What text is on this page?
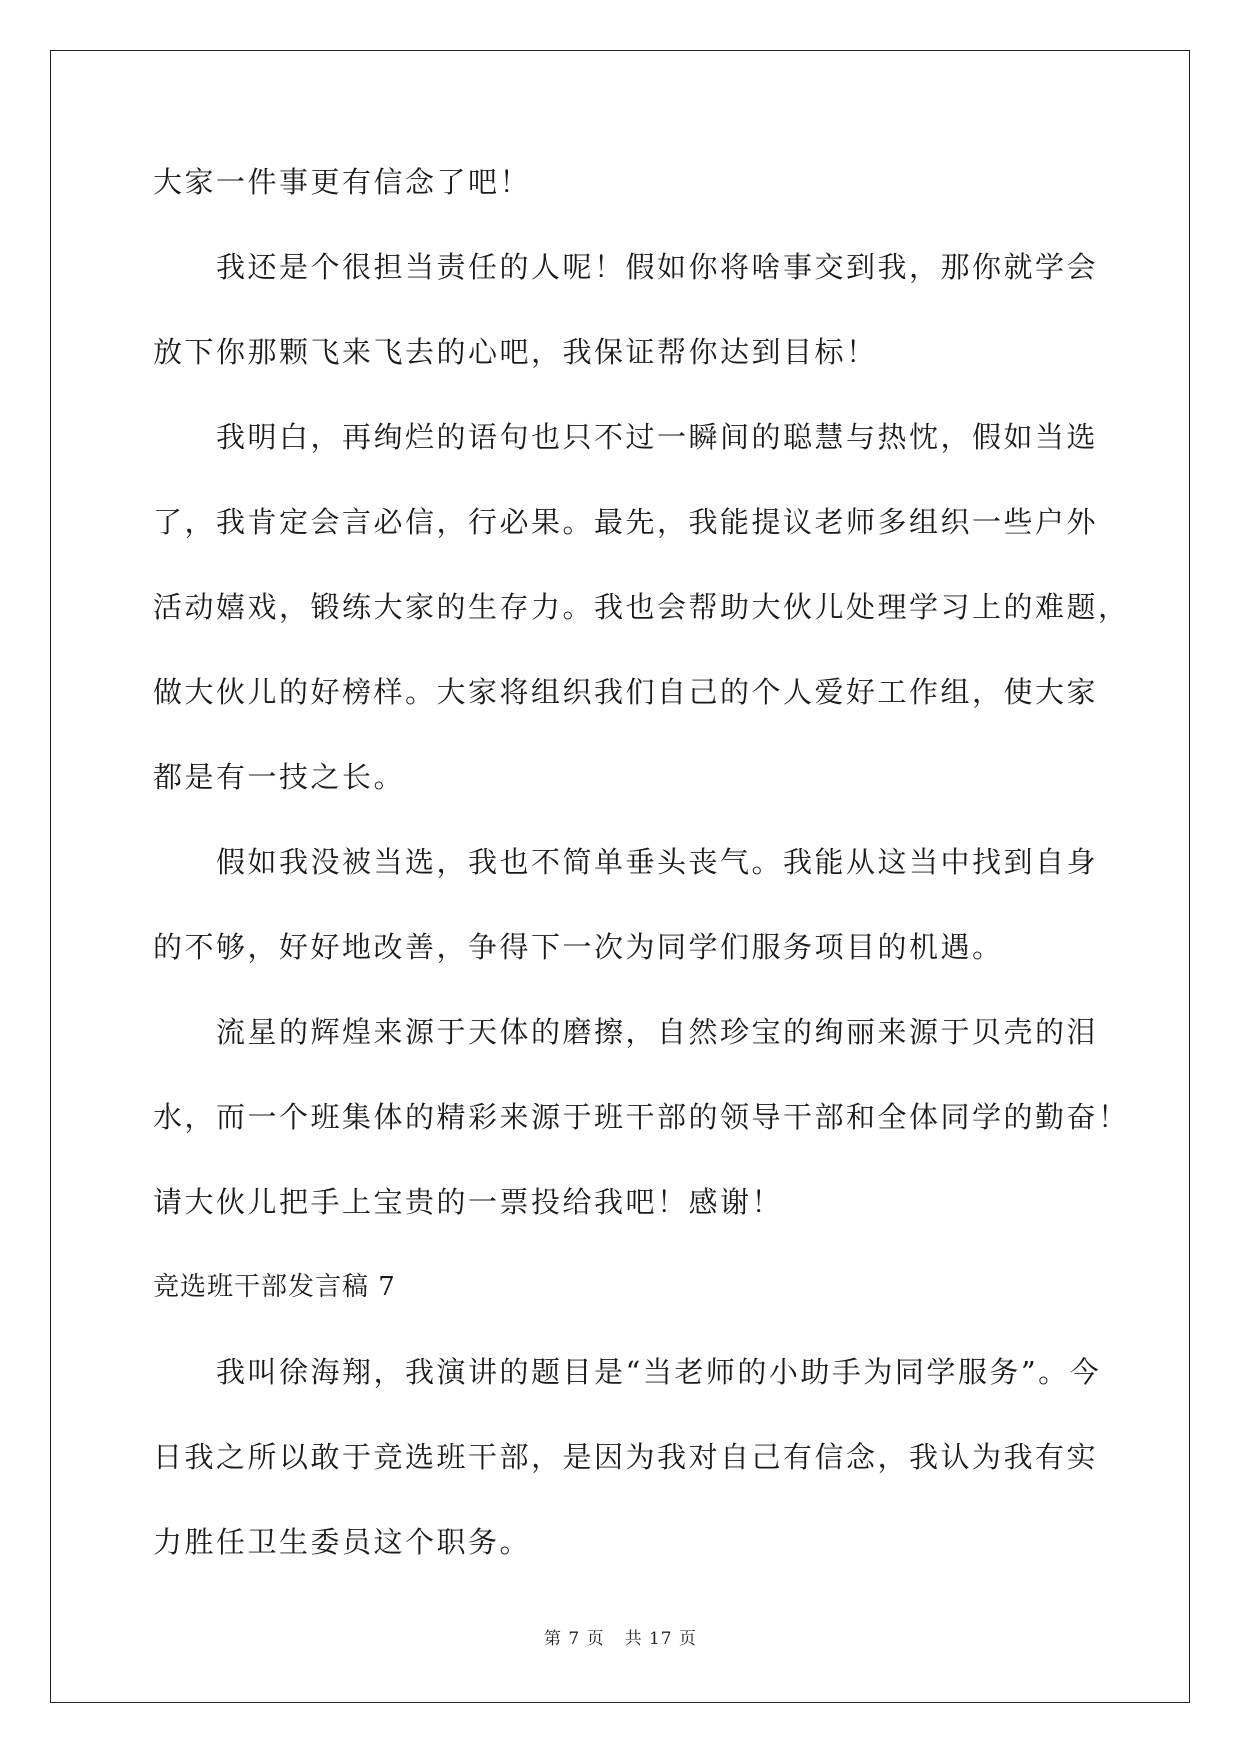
大家一件事更有信念了吧！
我还是个很担当责任的人呢！假如你将啥事交到我，那你就学会
放下你那颗飞来飞去的心吧，我保证帮你达到目标！
我明白，再绚烂的语句也只不过一瞬间的聪慧与热忱，假如当选
了，我肯定会言必信，行必果。最先，我能提议老师多组织一些户外
活动嬉戏，锻练大家的生存力。我也会帮助大伙儿处理学习上的难题，
做大伙儿的好榜样。大家将组织我们自己的个人爱好工作组，使大家
都是有一技之长。
假如我没被当选，我也不简单垂头丧气。我能从这当中找到自身
的不够，好好地改善，争得下一次为同学们服务项目的机遇。
流星的辉煌来源于天体的磨擦，自然珍宝的绚丽来源于贝壳的泪
水，而一个班集体的精彩来源于班干部的领导干部和全体同学的勤奋！
请大伙儿把手上宝贵的一票投给我吧！感谢！
竞选班干部发言稿 7
我叫徐海翔，我演讲的题目是“当老师的小助手为同学服务”。今
日我之所以敢于竞选班干部，是因为我对自己有信念，我认为我有实
力胜任卫生委员这个职务。
第 7 页 共 17 页
